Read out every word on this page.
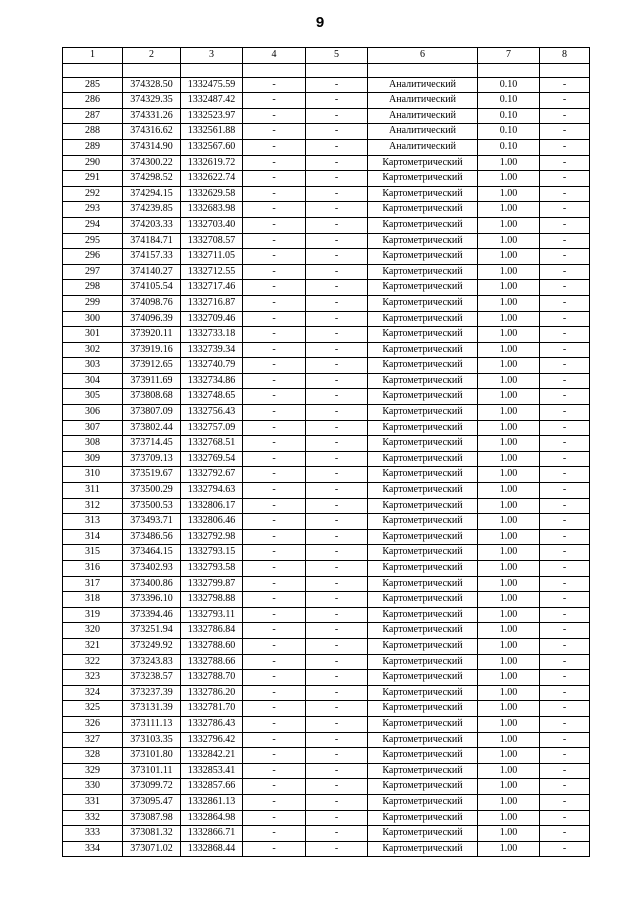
9
1	2	3	4	5	6	7	8

285	374328.50	1332475.59	-	-	Аналитический	0.10	-
286	374329.35	1332487.42	-	-	Аналитический	0.10	-
287	374331.26	1332523.97	-	-	Аналитический	0.10	-
288	374316.62	1332561.88	-	-	Аналитический	0.10	-
289	374314.90	1332567.60	-	-	Аналитический	0.10	-
290	374300.22	1332619.72	-	-	Картометрический	1.00	-
291	374298.52	1332622.74	-	-	Картометрический	1.00	-
292	374294.15	1332629.58	-	-	Картометрический	1.00	-
293	374239.85	1332683.98	-	-	Картометрический	1.00	-
294	374203.33	1332703.40	-	-	Картометрический	1.00	-
295	374184.71	1332708.57	-	-	Картометрический	1.00	-
296	374157.33	1332711.05	-	-	Картометрический	1.00	-
297	374140.27	1332712.55	-	-	Картометрический	1.00	-
298	374105.54	1332717.46	-	-	Картометрический	1.00	-
299	374098.76	1332716.87	-	-	Картометрический	1.00	-
300	374096.39	1332709.46	-	-	Картометрический	1.00	-
301	373920.11	1332733.18	-	-	Картометрический	1.00	-
302	373919.16	1332739.34	-	-	Картометрический	1.00	-
303	373912.65	1332740.79	-	-	Картометрический	1.00	-
304	373911.69	1332734.86	-	-	Картометрический	1.00	-
305	373808.68	1332748.65	-	-	Картометрический	1.00	-
306	373807.09	1332756.43	-	-	Картометрический	1.00	-
307	373802.44	1332757.09	-	-	Картометрический	1.00	-
308	373714.45	1332768.51	-	-	Картометрический	1.00	-
309	373709.13	1332769.54	-	-	Картометрический	1.00	-
310	373519.67	1332792.67	-	-	Картометрический	1.00	-
311	373500.29	1332794.63	-	-	Картометрический	1.00	-
312	373500.53	1332806.17	-	-	Картометрический	1.00	-
313	373493.71	1332806.46	-	-	Картометрический	1.00	-
314	373486.56	1332792.98	-	-	Картометрический	1.00	-
315	373464.15	1332793.15	-	-	Картометрический	1.00	-
316	373402.93	1332793.58	-	-	Картометрический	1.00	-
317	373400.86	1332799.87	-	-	Картометрический	1.00	-
318	373396.10	1332798.88	-	-	Картометрический	1.00	-
319	373394.46	1332793.11	-	-	Картометрический	1.00	-
320	373251.94	1332786.84	-	-	Картометрический	1.00	-
321	373249.92	1332788.60	-	-	Картометрический	1.00	-
322	373243.83	1332788.66	-	-	Картометрический	1.00	-
323	373238.57	1332788.70	-	-	Картометрический	1.00	-
324	373237.39	1332786.20	-	-	Картометрический	1.00	-
325	373131.39	1332781.70	-	-	Картометрический	1.00	-
326	373111.13	1332786.43	-	-	Картометрический	1.00	-
327	373103.35	1332796.42	-	-	Картометрический	1.00	-
328	373101.80	1332842.21	-	-	Картометрический	1.00	-
329	373101.11	1332853.41	-	-	Картометрический	1.00	-
330	373099.72	1332857.66	-	-	Картометрический	1.00	-
331	373095.47	1332861.13	-	-	Картометрический	1.00	-
332	373087.98	1332864.98	-	-	Картометрический	1.00	-
333	373081.32	1332866.71	-	-	Картометрический	1.00	-
334	373071.02	1332868.44	-	-	Картометрический	1.00	-
